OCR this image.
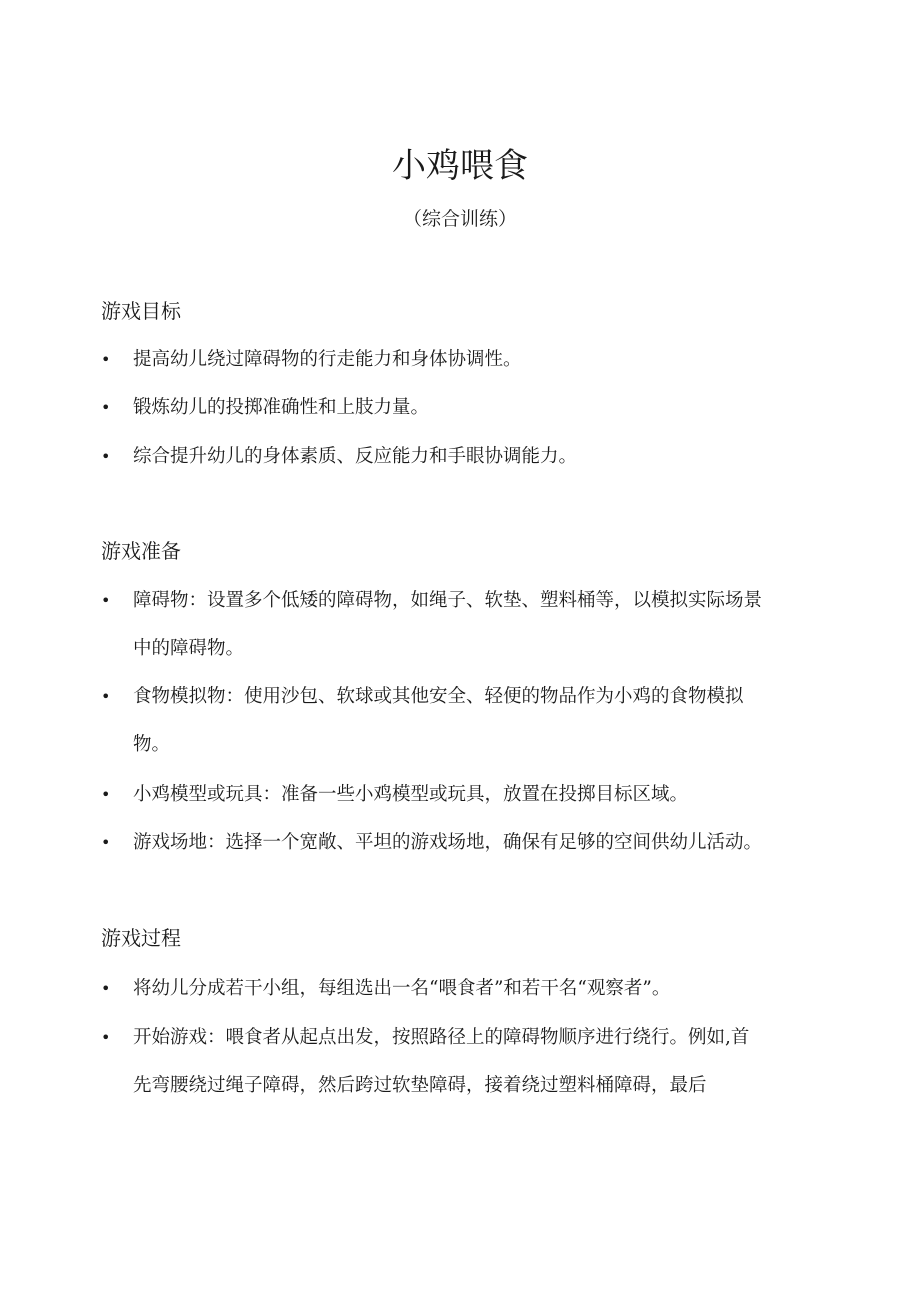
小鸡喂食
（综合训练）
游戏目标
•	提高幼儿绕过障碍物的行走能力和身体协调性。
•	锻炼幼儿的投掷准确性和上肢力量。
•	综合提升幼儿的身体素质、反应能力和手眼协调能力。
游戏准备
•	障碍物：设置多个低矮的障碍物，如绳子、软垫、塑料桶等，以模拟实际场景
中的障碍物。
•	食物模拟物：使用沙包、软球或其他安全、轻便的物品作为小鸡的食物模拟
物。
•	小鸡模型或玩具：准备一些小鸡模型或玩具，放置在投掷目标区域。
•	游戏场地：选择一个宽敞、平坦的游戏场地，确保有足够的空间供幼儿活动。
游戏过程
•	将幼儿分成若干小组，每组选出一名“喂食者”和若干名“观察者”。
•	开始游戏：喂食者从起点出发，按照路径上的障碍物顺序进行绕行。例如,首
先弯腰绕过绳子障碍，然后跨过软垫障碍，接着绕过塑料桶障碍，最后
